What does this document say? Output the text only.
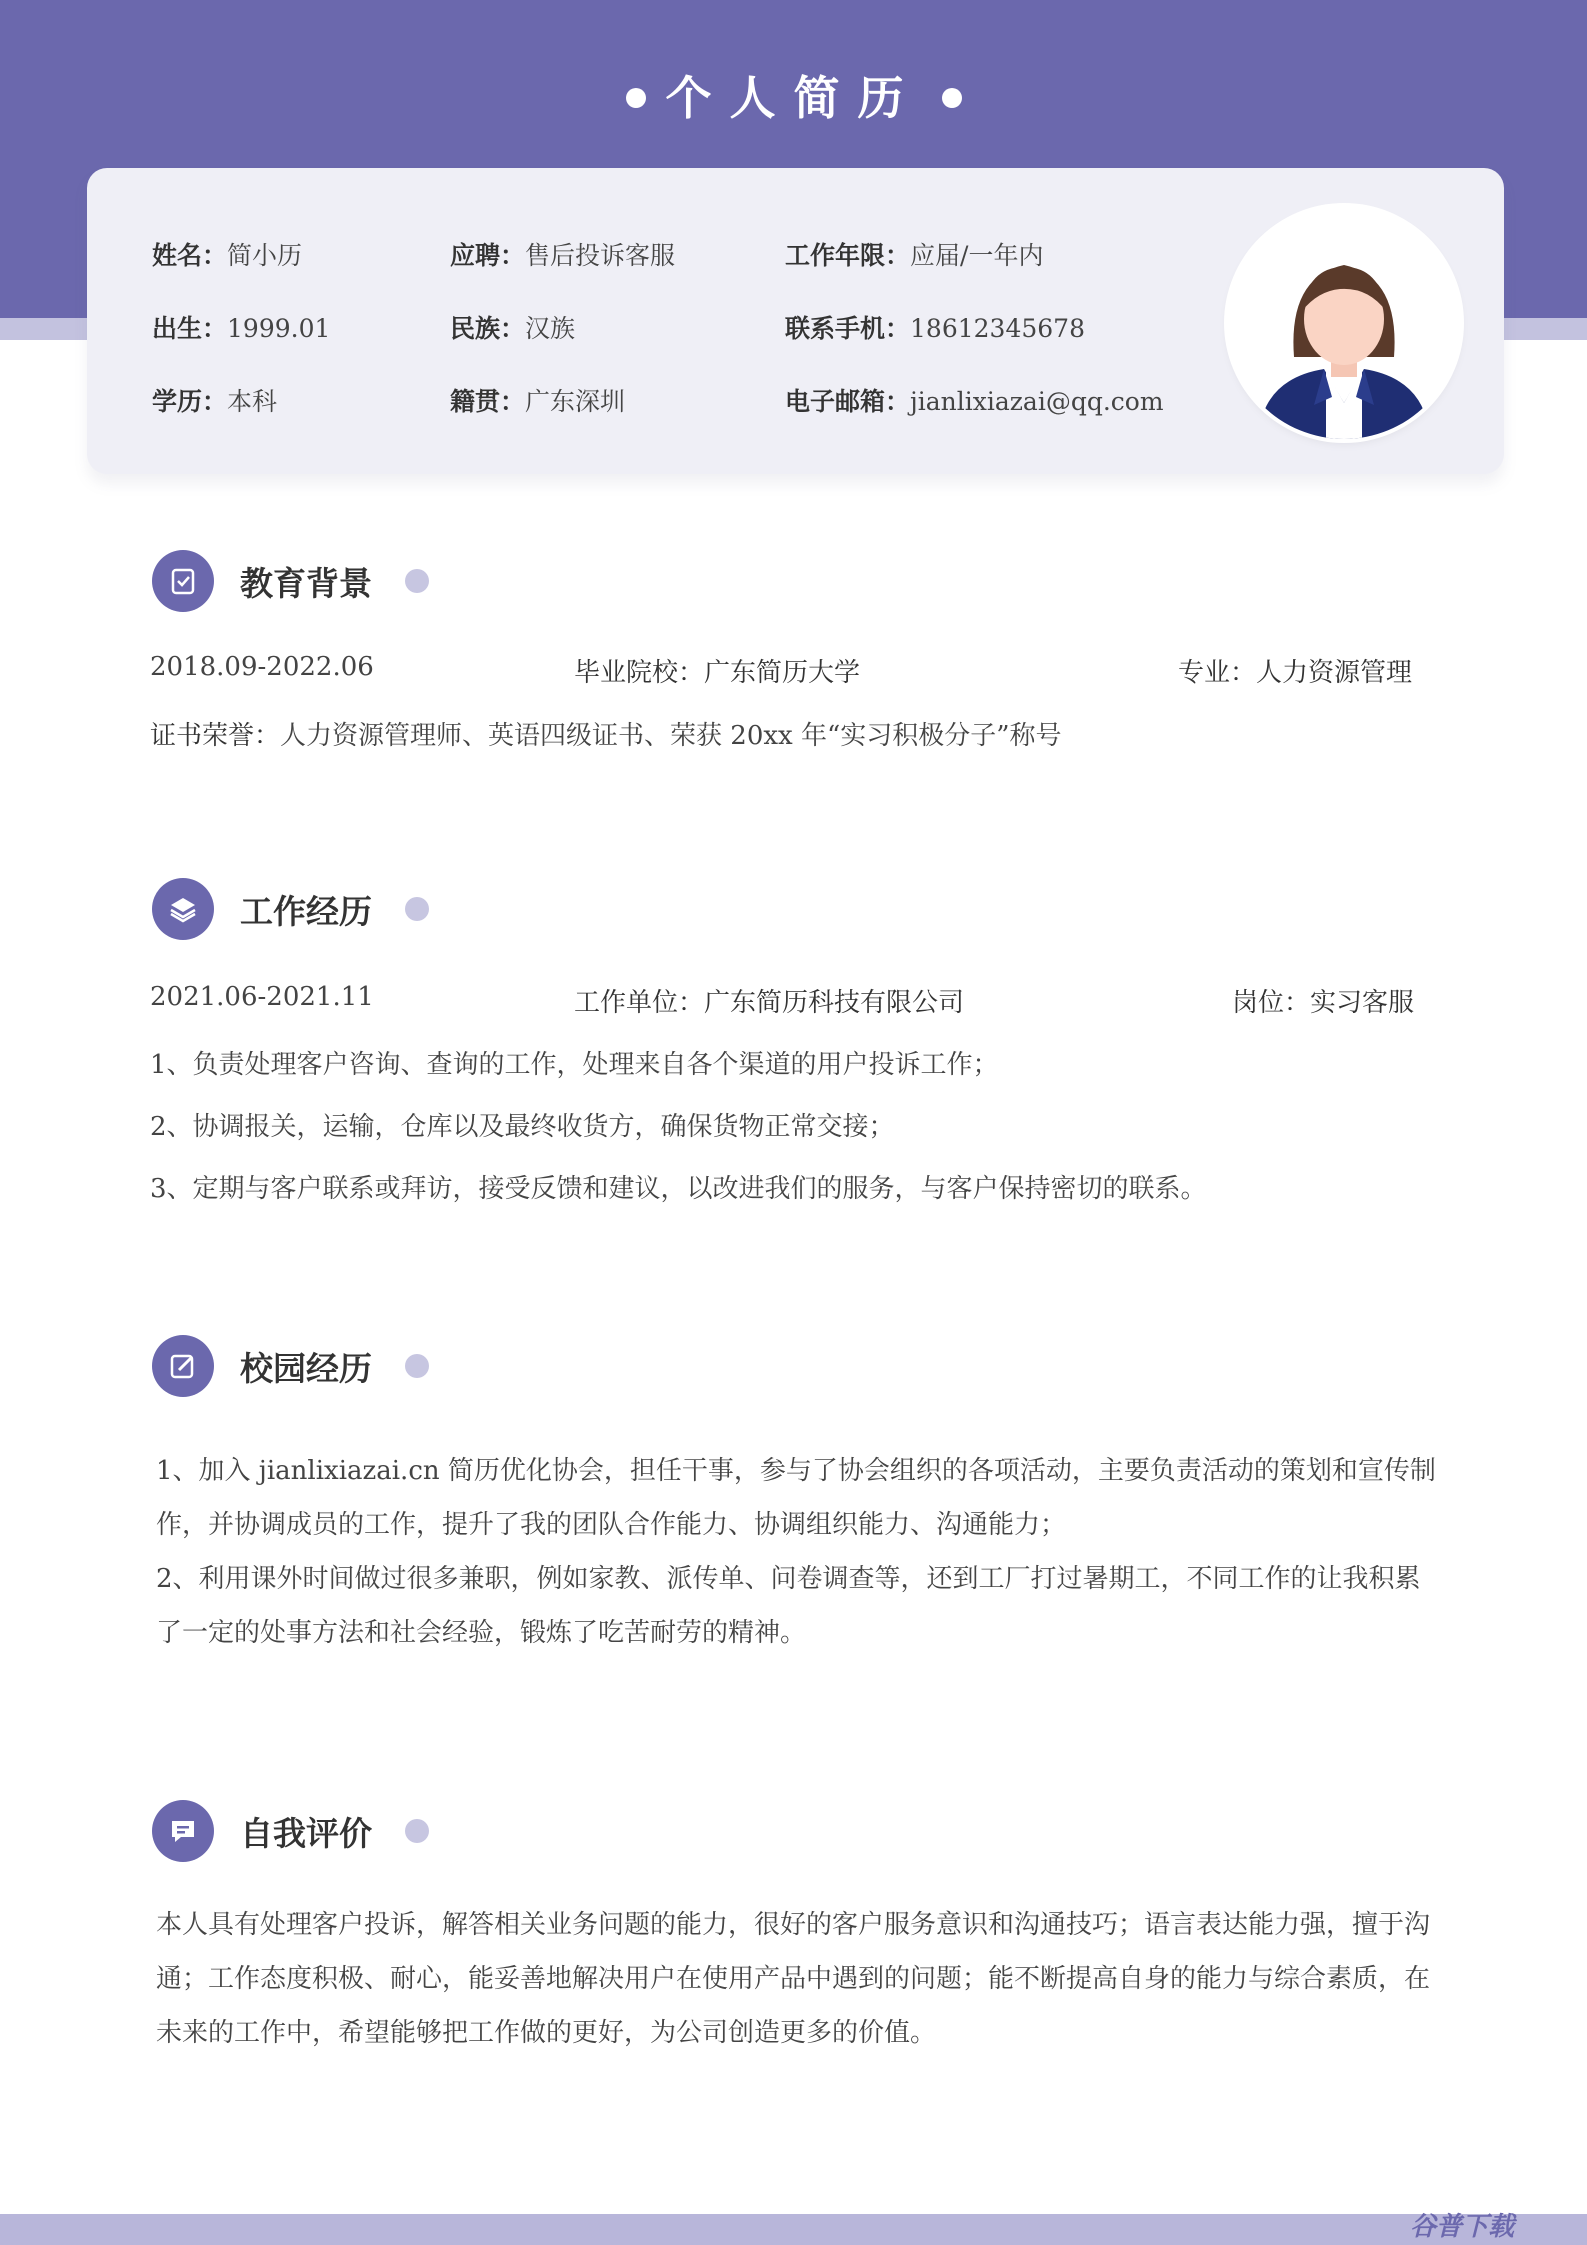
个人简历
姓名：简小历	应聘：售后投诉客服	工作年限：应届/一年内
出生：1999.01	民族：汉族	联系手机：18612345678
学历：本科	籍贯：广东深圳	电子邮箱：jianlixiazai@qq.com
教育背景
2018.09-2022.06	毕业院校：广东简历大学	专业：人力资源管理
证书荣誉：人力资源管理师、英语四级证书、荣获 20xx 年“实习积极分子”称号
工作经历
2021.06-2021.11	工作单位：广东简历科技有限公司	岗位：实习客服
1、负责处理客户咨询、查询的工作，处理来自各个渠道的用户投诉工作；
2、协调报关，运输，仓库以及最终收货方，确保货物正常交接；
3、定期与客户联系或拜访，接受反馈和建议，以改进我们的服务，与客户保持密切的联系。
校园经历
1、加入 jianlixiazai.cn 简历优化协会，担任干事，参与了协会组织的各项活动，主要负责活动的策划和宣传制作，并协调成员的工作，提升了我的团队合作能力、协调组织能力、沟通能力；
2、利用课外时间做过很多兼职，例如家教、派传单、问卷调查等，还到工厂打过暑期工，不同工作的让我积累了一定的处事方法和社会经验，锻炼了吃苦耐劳的精神。
自我评价
本人具有处理客户投诉，解答相关业务问题的能力，很好的客户服务意识和沟通技巧；语言表达能力强，擅于沟通；工作态度积极、耐心，能妥善地解决用户在使用产品中遇到的问题；能不断提高自身的能力与综合素质，在未来的工作中，希望能够把工作做的更好，为公司创造更多的价值。
谷普下载
